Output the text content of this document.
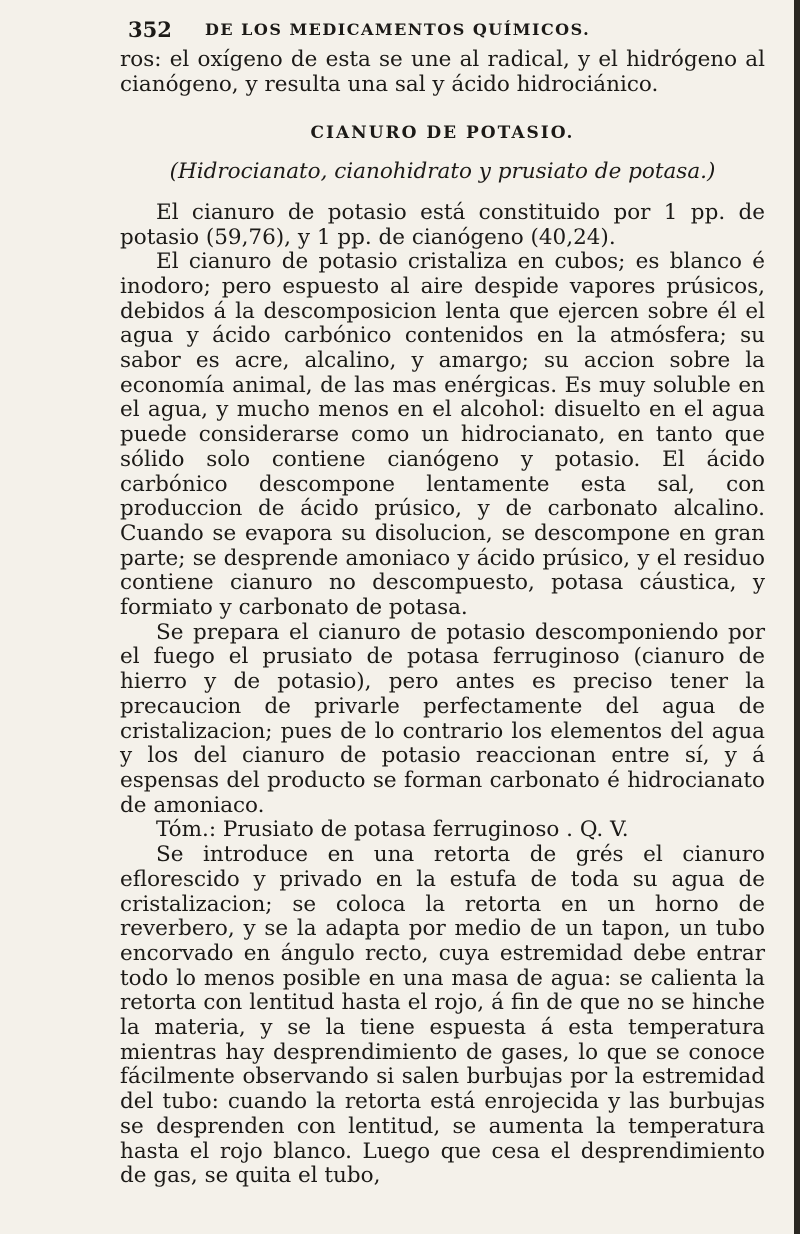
352 DE LOS MEDICAMENTOS QUÍMICOS.

ros: el oxígeno de esta se une al radical, y el hidrógeno al cianógeno, y resulta una sal y ácido hidrociánico.

CIANURO DE POTASIO.

(Hidrocianato, cianohidrato y prusiato de potasa.)

El cianuro de potasio está constituido por 1 pp. de potasio (59,76), y 1 pp. de cianógeno (40,24).

El cianuro de potasio cristaliza en cubos; es blanco é inodoro; pero espuesto al aire despide vapores prúsicos, debidos á la descomposicion lenta que ejercen sobre él el agua y ácido carbónico contenidos en la atmósfera; su sabor es acre, alcalino, y amargo; su accion sobre la economía animal, de las mas enérgicas. Es muy soluble en el agua, y mucho menos en el alcohol: disuelto en el agua puede considerarse como un hidrocianato, en tanto que sólido solo contiene cianógeno y potasio. El ácido carbónico descompone lentamente esta sal, con produccion de ácido prúsico, y de carbonato alcalino. Cuando se evapora su disolucion, se descompone en gran parte; se desprende amoniaco y ácido prúsico, y el residuo contiene cianuro no descompuesto, potasa cáustica, y formiato y carbonato de potasa.

Se prepara el cianuro de potasio descomponiendo por el fuego el prusiato de potasa ferruginoso (cianuro de hierro y de potasio), pero antes es preciso tener la precaucion de privarle perfectamente del agua de cristalizacion; pues de lo contrario los elementos del agua y los del cianuro de potasio reaccionan entre sí, y á espensas del producto se forman carbonato é hidrocianato de amoniaco.

Tóm.: Prusiato de potasa ferruginoso . Q. V.

Se introduce en una retorta de grés el cianuro eflorescido y privado en la estufa de toda su agua de cristalizacion; se coloca la retorta en un horno de reverbero, y se la adapta por medio de un tapon, un tubo encorvado en ángulo recto, cuya estremidad debe entrar todo lo menos posible en una masa de agua: se calienta la retorta con lentitud hasta el rojo, á fin de que no se hinche la materia, y se la tiene espuesta á esta temperatura mientras hay desprendimiento de gases, lo que se conoce fácilmente observando si salen burbujas por la estremidad del tubo: cuando la retorta está enrojecida y las burbujas se desprenden con lentitud, se aumenta la temperatura hasta el rojo blanco. Luego que cesa el desprendimiento de gas, se quita el tubo,
